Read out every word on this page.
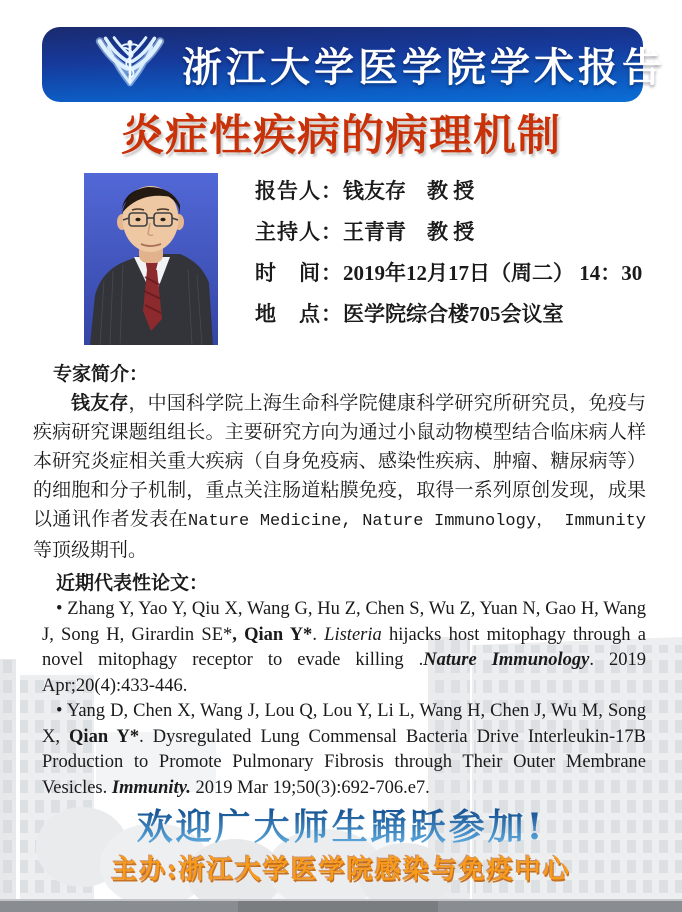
浙江大学医学院学术报告
炎症性疾病的病理机制
报告人：钱友存　教 授
主持人：王青青　教 授
时　间：2019年12月17日（周二） 14：30
地　点：医学院综合楼705会议室
专家简介：

钱友存，中国科学院上海生命科学院健康科学研究所研究员，免疫与疾病研究课题组组长。主要研究方向为通过小鼠动物模型结合临床病人样本研究炎症相关重大疾病（自身免疫病、感染性疾病、肿瘤、糖尿病等）的细胞和分子机制，重点关注肠道粘膜免疫，取得一系列原创发现，成果以通讯作者发表在Nature Medicine, Nature Immunology， Immunity等顶级期刊。

近期代表性论文：

• Zhang Y, Yao Y, Qiu X, Wang G, Hu Z, Chen S, Wu Z, Yuan N, Gao H, Wang J, Song H, Girardin SE*, Qian Y*. Listeria hijacks host mitophagy through a novel mitophagy receptor to evade killing .Nature Immunology. 2019 Apr;20(4):433-446.

• Yang D, Chen X, Wang J, Lou Q, Lou Y, Li L, Wang H, Chen J, Wu M, Song X, Qian Y*. Dysregulated Lung Commensal Bacteria Drive Interleukin-17B Production to Promote Pulmonary Fibrosis through Their Outer Membrane Vesicles. Immunity. 2019 Mar 19;50(3):692-706.e7.

欢迎广大师生踊跃参加!
主办:浙江大学医学院感染与免疫中心
